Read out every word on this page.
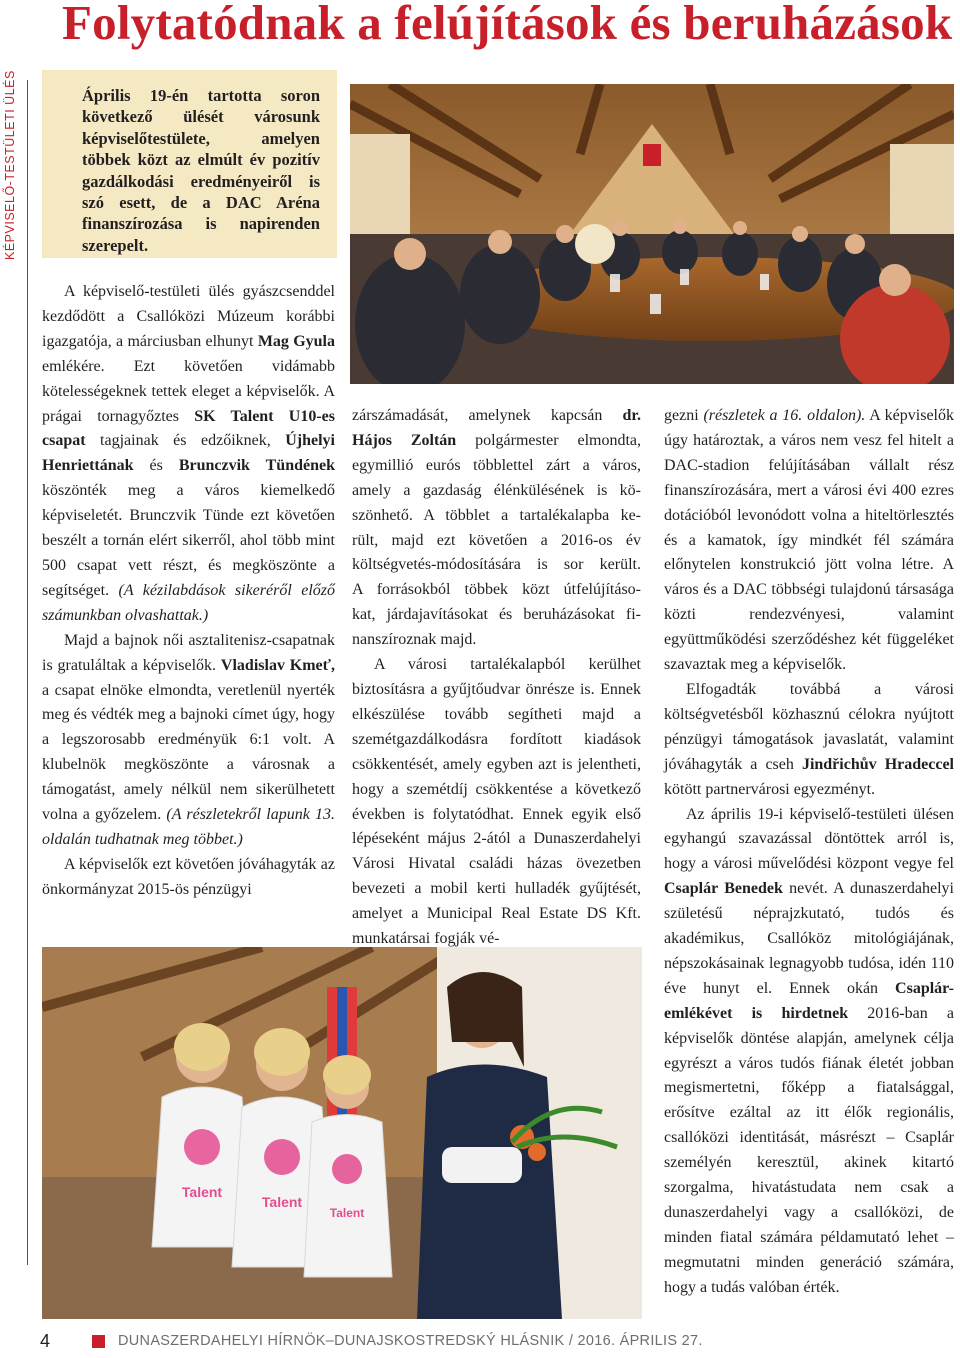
Folytatódnak a felújítások és beruházások
KÉPVISELŐ-TESTÜLETI ÜLÉS	Április 19-én tartotta soron következő ülését városunk képviselőtestülete, amelyen többek közt az elmúlt év pozitív gazdálkodási eredményeiről is szó esett, de a DAC Aréna finanszírozása is napirenden szerepelt.

A képviselő-testületi ülés gyászcsenddel kezdődött a Csallóközi Múzeum korábbi igazgatója, a márciusban elhunyt Mag Gyula emlékére. Ezt követően vidámabb kötelességeknek tettek eleget a képviselők. A prágai tornagyőztes SK Talent U10-es csapat tagjainak és edzőiknek, Újhelyi Henriettának és Brunczvik Tündének köszönték meg a város kiemelkedő képviseletét. Brunczvik Tünde ezt követően beszélt a tornán elért sikerről, ahol több mint 500 csapat vett részt, és megköszönte a segítséget. (A kézilabdások sikeréről előző számunkban olvashattak.)

Majd a bajnok női asztalitenisz-csapatnak is gratuláltak a képviselők. Vladislav Kmeť, a csapat elnöke elmondta, veretlenül nyerték meg és védték meg a bajnoki címet úgy, hogy a legszorosabb eredményük 6:1 volt. A klubelnök megköszönte a városnak a támogatást, amely nélkül nem sikerülhetett volna a győzelem. (A részletekről lapunk 13. oldalán tudhatnak meg többet.)

A képviselők ezt követően jóváhagyták az önkormányzat 2015-ös pénzügyi

zárszámadását, amelynek kapcsán dr.
Hájos Zoltán polgármester elmondta,
egymillió eurós többlettel zárt a város,
amely a gazdaság élénkülésének is kö-
szönhető. A többlet a tartalékalapba ke-
rült, majd ezt követően a 2016-os év
költségvetés-módosítására is sor került.
A forrásokból többek közt útfelújításo-
kat, járdajavításokat és beruházásokat fi-
nanszíroznak majd.

A városi tartalékalapból kerülhet biztosításra a gyűjtőudvar önrésze is. Ennek elkészülése tovább segítheti majd a szemétgazdálkodásra fordított kiadások csökkentését, amely egyben azt is jelentheti, hogy a szemétdíj csökkentése a következő években is folytatódhat. Ennek egyik első lépéseként május 2-ától a Dunaszerdahelyi Városi Hivatal családi házas övezetben bevezeti a mobil kerti hulladék gyűjtését, amelyet a Municipal Real Estate DS Kft. munkatársai fogják vé-

gezni (részletek a 16. oldalon). A képviselők úgy határoztak, a város nem vesz fel hitelt a DAC-stadion felújításában vállalt rész finanszírozására, mert a városi évi 400 ezres dotációból levonódott volna a hiteltörlesztés és a kamatok, így mindkét fél számára előnytelen konstrukció jött volna létre. A város és a DAC többségi tulajdonú társasága közti rendezvényesi, valamint együttműködési szerződéshez két függeléket szavaztak meg a képviselők.

Elfogadták továbbá a városi költségvetésből közhasznú célokra nyújtott pénzügyi támogatások javaslatát, valamint jóváhagyták a cseh Jindřichův Hradeccel kötött partnervárosi egyezményt.

Az április 19-i képviselő-testületi ülésen egyhangú szavazással döntöttek arról is, hogy a városi művelődési központ vegye fel Csaplár Benedek nevét. A dunaszerdahelyi születésű néprajzkutató, tudós és akadémikus, Csallóköz mitológiájának, népszokásainak legnagyobb tudósa, idén 110 éve hunyt el. Ennek okán Csaplár-emlékévet is hirdetnek 2016-ban a képviselők döntése alapján, amelynek célja egyrészt a város tudós fiának életét jobban megismertetni, főképp a fiatalsággal, erősítve ezáltal az itt élők regionális, csallóközi identitását, másrészt – Csaplár személyén keresztül, akinek kitartó szorgalma, hivatástudata nem csak a dunaszerdahelyi vagy a csallóközi, de minden fiatal számára példamutató lehet – megmutatni minden generáció számára, hogy a tudás valóban érték.

Talent
Talent
Talent
4	DUNASZERDAHELYI HÍRNÖK–DUNAJSKOSTREDSKÝ HLÁSNIK / 2016. ÁPRILIS 27.
